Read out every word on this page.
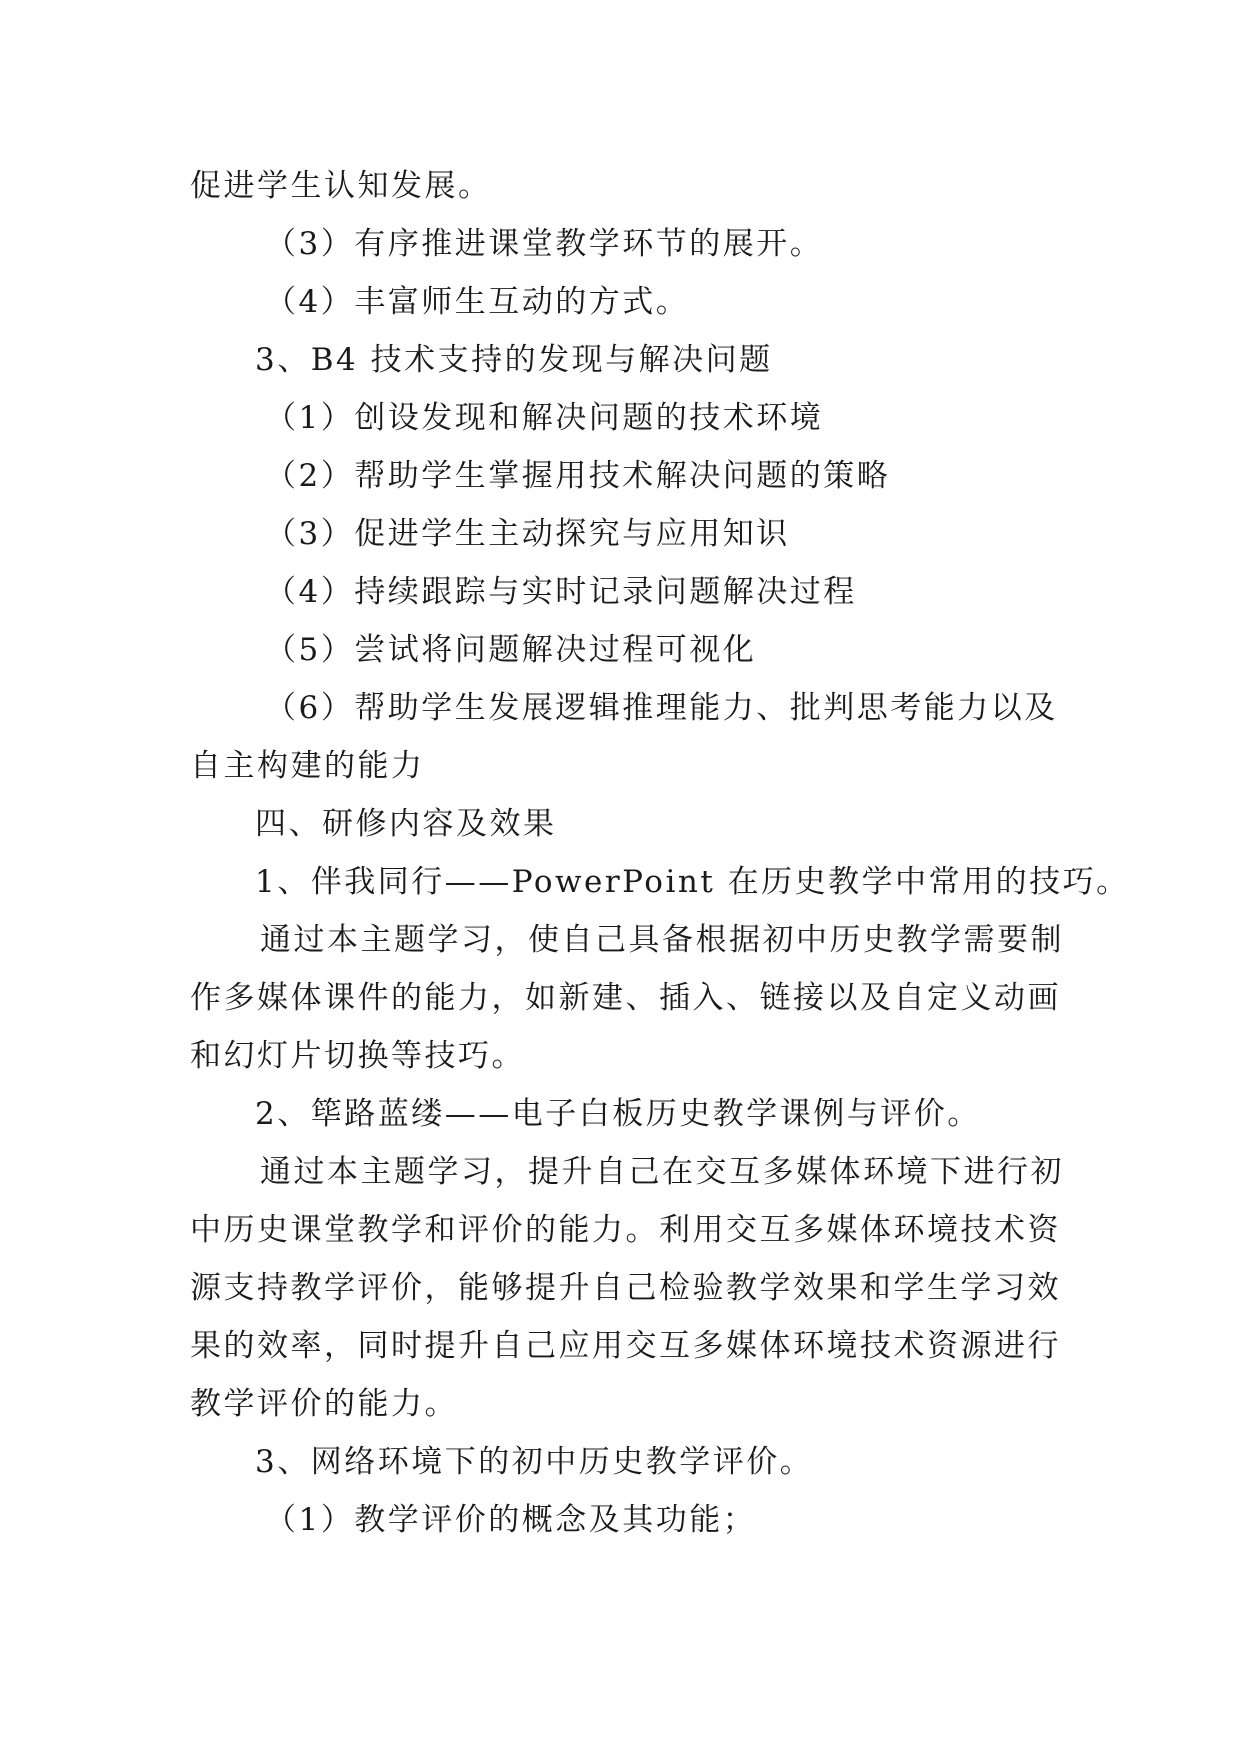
促进学生认知发展。
（3）有序推进课堂教学环节的展开。
（4）丰富师生互动的方式。
3、B4 技术支持的发现与解决问题
（1）创设发现和解决问题的技术环境
（2）帮助学生掌握用技术解决问题的策略
（3）促进学生主动探究与应用知识
（4）持续跟踪与实时记录问题解决过程
（5）尝试将问题解决过程可视化
（6）帮助学生发展逻辑推理能力、批判思考能力以及
自主构建的能力
四、研修内容及效果
1、伴我同行——PowerPoint 在历史教学中常用的技巧。
通过本主题学习，使自己具备根据初中历史教学需要制
作多媒体课件的能力，如新建、插入、链接以及自定义动画
和幻灯片切换等技巧。
2、筚路蓝缕——电子白板历史教学课例与评价。
通过本主题学习，提升自己在交互多媒体环境下进行初
中历史课堂教学和评价的能力。利用交互多媒体环境技术资
源支持教学评价，能够提升自己检验教学效果和学生学习效
果的效率，同时提升自己应用交互多媒体环境技术资源进行
教学评价的能力。
3、网络环境下的初中历史教学评价。
（1）教学评价的概念及其功能；
